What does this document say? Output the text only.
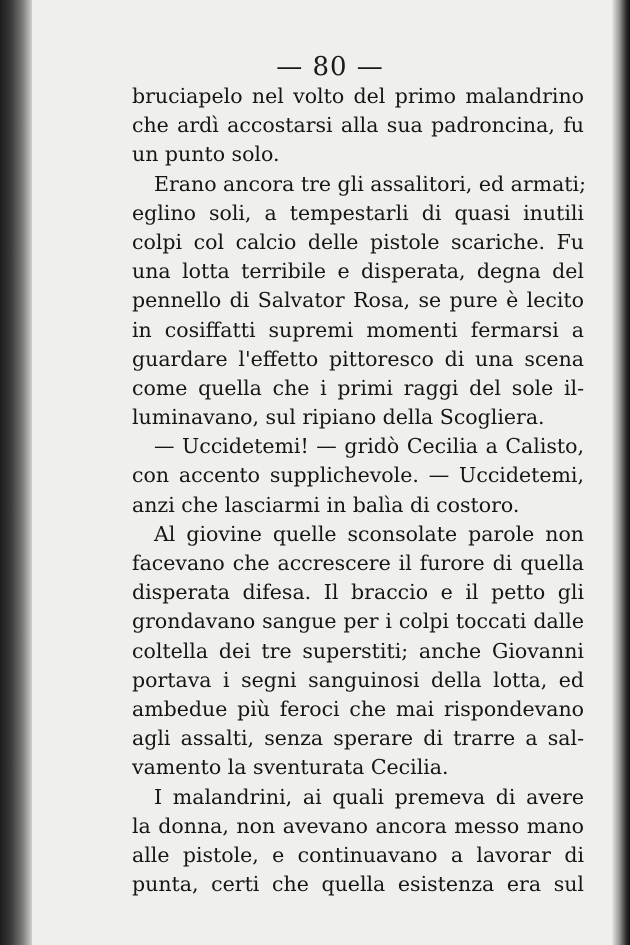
— 80 —
bruciapelo nel volto del primo malandrino
che ardì accostarsi alla sua padroncina, fu
un punto solo.
Erano ancora tre gli assalitori, ed armati;
eglino soli, a tempestarli di quasi inutili
colpi col calcio delle pistole scariche. Fu
una lotta terribile e disperata, degna del
pennello di Salvator Rosa, se pure è lecito
in cosiffatti supremi momenti fermarsi a
guardare l'effetto pittoresco di una scena
come quella che i primi raggi del sole il-
luminavano, sul ripiano della Scogliera.
— Uccidetemi! — gridò Cecilia a Calisto,
con accento supplichevole. — Uccidetemi,
anzi che lasciarmi in balìa di costoro.
Al giovine quelle sconsolate parole non
facevano che accrescere il furore di quella
disperata difesa. Il braccio e il petto gli
grondavano sangue per i colpi toccati dalle
coltella dei tre superstiti; anche Giovanni
portava i segni sanguinosi della lotta, ed
ambedue più feroci che mai rispondevano
agli assalti, senza sperare di trarre a sal-
vamento la sventurata Cecilia.
I malandrini, ai quali premeva di avere
la donna, non avevano ancora messo mano
alle pistole, e continuavano a lavorar di
punta, certi che quella esistenza era sul
